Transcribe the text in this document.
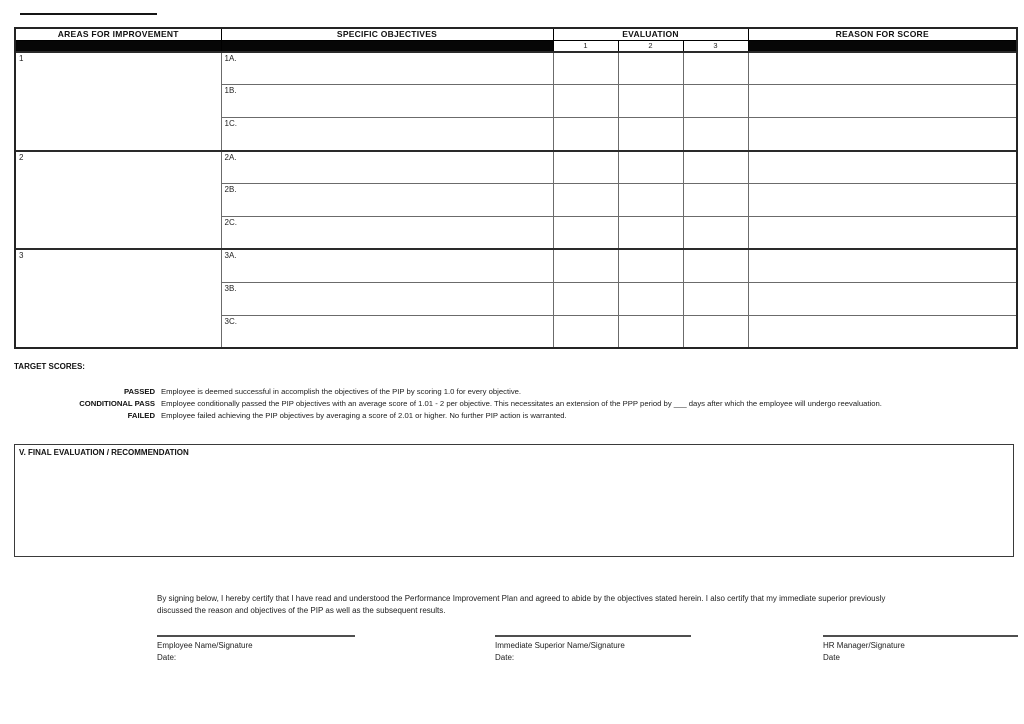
AREAS FOR IMPROVEMENT	SPECIFIC OBJECTIVES	EVALUATION			REASON FOR SCORE
		1	2	3	
1	1A.				
	1B.				
	1C.				
2	2A.				
	2B.				
	2C.				
3	3A.				
	3B.				
	3C.				
TARGET SCORES:
PASSED Employee is deemed successful in accomplish the objectives of the PIP by scoring 1.0 for every objective.
CONDITIONAL PASS Employee conditionally passed the PIP objectives with an average score of 1.01 - 2 per objective. This necessitates an extension of the PPP period by ___ days after which the employee will undergo reevaluation.
FAILED Employee failed achieving the PIP objectives by averaging a score of 2.01 or higher. No further PIP action is warranted.
V. FINAL EVALUATION / RECOMMENDATION
By signing below, I hereby certify that I have read and understood the Performance Improvement Plan and agreed to abide by the objectives stated herein. I also certify that my immediate superior previously
discussed the reason and objectives of the PIP as well as the subsequent results.
Employee Name/Signature
Date:
Immediate Superior Name/Signature
Date:
HR Manager/Signature
Date
